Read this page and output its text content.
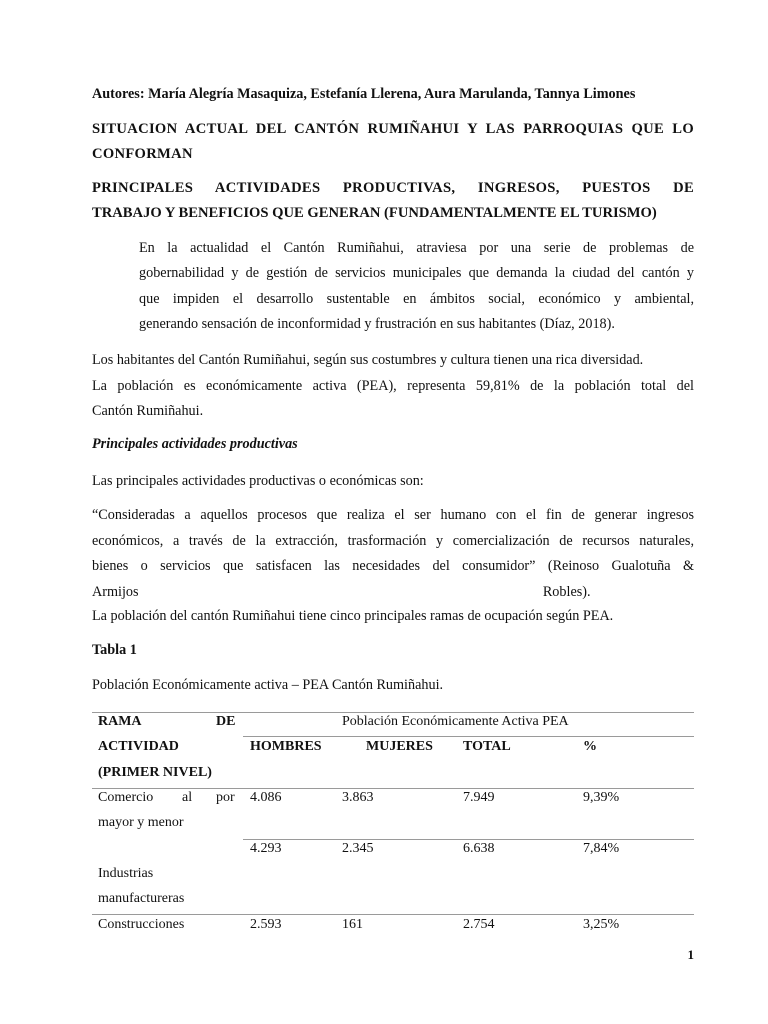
Autores: María Alegría Masaquiza, Estefanía Llerena, Aura Marulanda, Tannya Limones
SITUACION ACTUAL DEL CANTÓN RUMIÑAHUI Y LAS PARROQUIAS QUE LO
CONFORMAN
PRINCIPALES ACTIVIDADES PRODUCTIVAS, INGRESOS, PUESTOS DE
TRABAJO Y BENEFICIOS QUE GENERAN (FUNDAMENTALMENTE EL TURISMO)
En la actualidad el Cantón Rumiñahui, atraviesa por una serie de problemas de
gobernabilidad y de gestión de servicios municipales que demanda la ciudad del cantón y
que impiden el desarrollo sustentable en ámbitos social, económico y ambiental,
generando sensación de inconformidad y frustración en sus habitantes (Díaz, 2018).
Los habitantes del Cantón Rumiñahui, según sus costumbres y cultura tienen una rica diversidad.
La población es económicamente activa (PEA), representa 59,81% de la población total del
Cantón Rumiñahui.
Principales actividades productivas
Las principales actividades productivas o económicas son:
“Consideradas a aquellos procesos que realiza el ser humano con el fin de generar ingresos
económicos, a través de la extracción, trasformación y comercialización de recursos naturales,
bienes o servicios que satisfacen las necesidades del consumidor” (Reinoso Gualotuña &
Armijos                                                                                                                  Robles).
La población del cantón Rumiñahui tiene cinco principales ramas de ocupación según PEA.
Tabla 1
Población Económicamente activa – PEA Cantón Rumiñahui.
RAMA	DE
ACTIVIDAD
(PRIMER NIVEL)
Población Económicamente Activa PEA
HOMBRES	MUJERES TOTAL	%
Comercio al por
mayor y menor
4.086	3.863	7.949	9,39%
Industrias
manufactureras
4.293	2.345	6.638	7,84%
Construcciones	2.593	161	2.754	3,25%
1
